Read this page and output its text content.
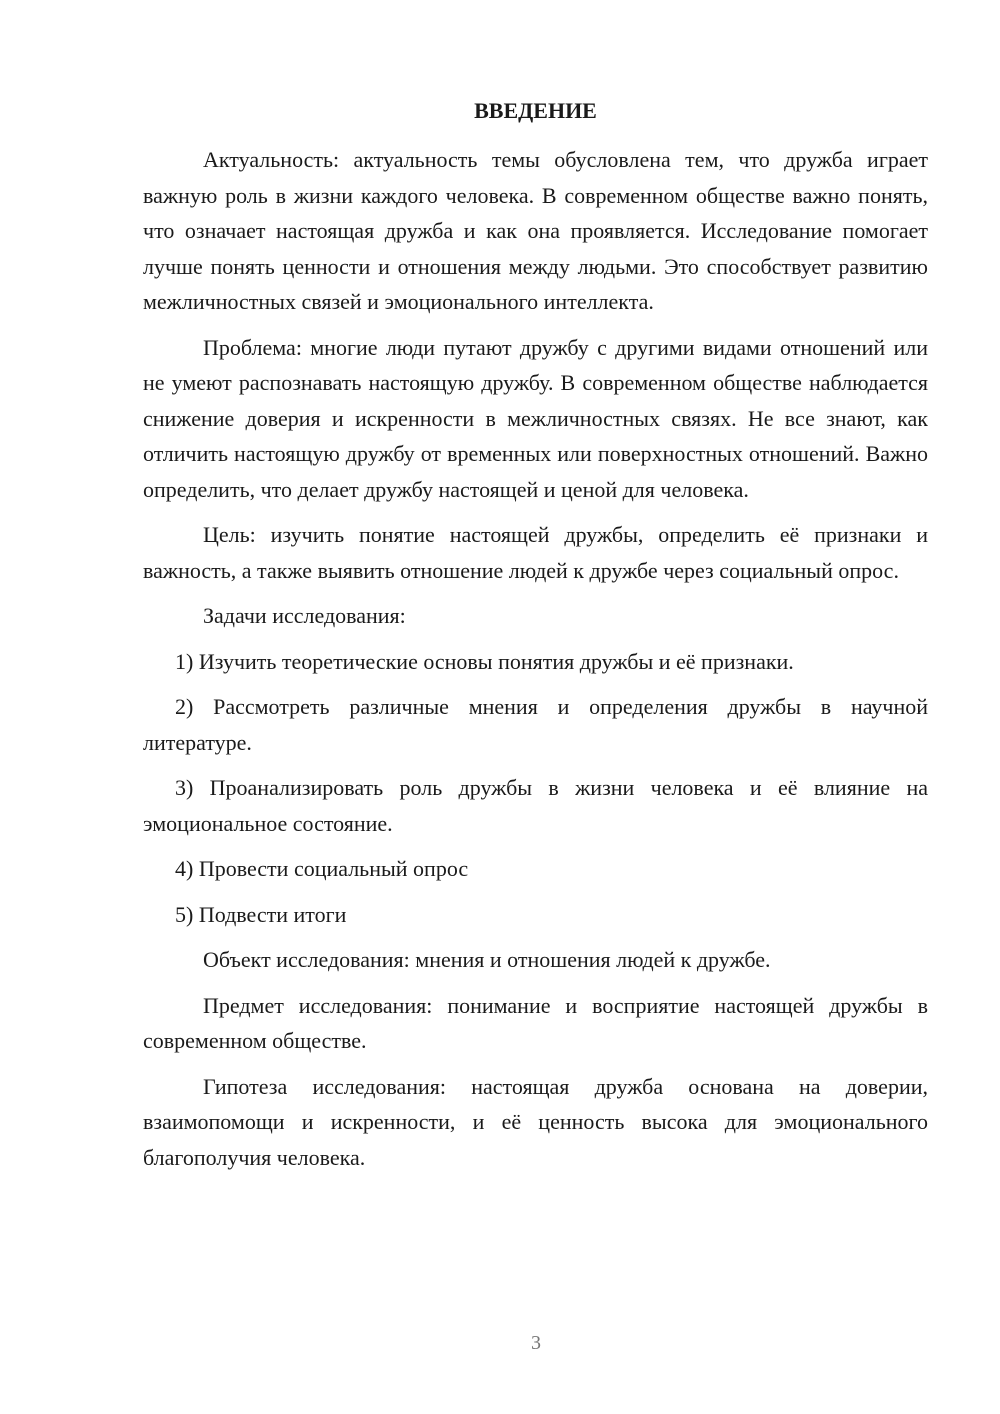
ВВЕДЕНИЕ

Актуальность: актуальность темы обусловлена тем, что дружба играет важную роль в жизни каждого человека. В современном обществе важно понять, что означает настоящая дружба и как она проявляется. Исследование помогает лучше понять ценности и отношения между людьми. Это способствует развитию межличностных связей и эмоционального интеллекта.

Проблема: многие люди путают дружбу с другими видами отношений или не умеют распознавать настоящую дружбу. В современном обществе наблюдается снижение доверия и искренности в межличностных связях. Не все знают, как отличить настоящую дружбу от временных или поверхностных отношений. Важно определить, что делает дружбу настоящей и ценой для человека.

Цель: изучить понятие настоящей дружбы, определить её признаки и важность, а также выявить отношение людей к дружбе через социальный опрос.

Задачи исследования:

1) Изучить теоретические основы понятия дружбы и её признаки.

2) Рассмотреть различные мнения и определения дружбы в научной литературе.

3) Проанализировать роль дружбы в жизни человека и её влияние на эмоциональное состояние.

4) Провести социальный опрос

5) Подвести итоги

Объект исследования: мнения и отношения людей к дружбе.

Предмет исследования: понимание и восприятие настоящей дружбы в современном обществе.

Гипотеза исследования: настоящая дружба основана на доверии, взаимопомощи и искренности, и её ценность высока для эмоционального благополучия человека.

3
